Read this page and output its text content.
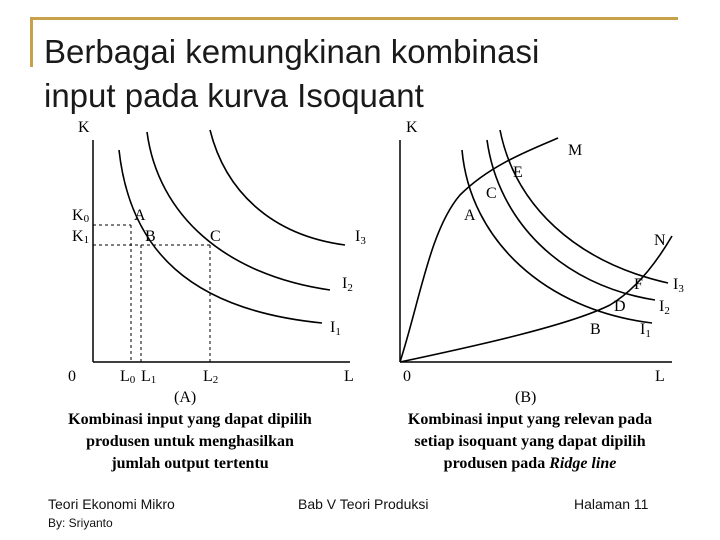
Berbagai kemungkinan kombinasi
input pada kurva Isoquant
K
0	L
K0
K1
A
B	C
L0 L1	L2
I3
I2
I1
(A)
Kombinasi input yang dapat dipilih
produsen untuk menghasilkan
jumlah output tertentu
K
0	L
M
E
C
A
N
F
D
B
I3
I2
I1
(B)
Kombinasi input yang relevan pada
setiap isoquant yang dapat dipilih
produsen pada Ridge line
Teori Ekonomi Mikro
By: Sriyanto
Bab V Teori Produksi	Halaman 11
